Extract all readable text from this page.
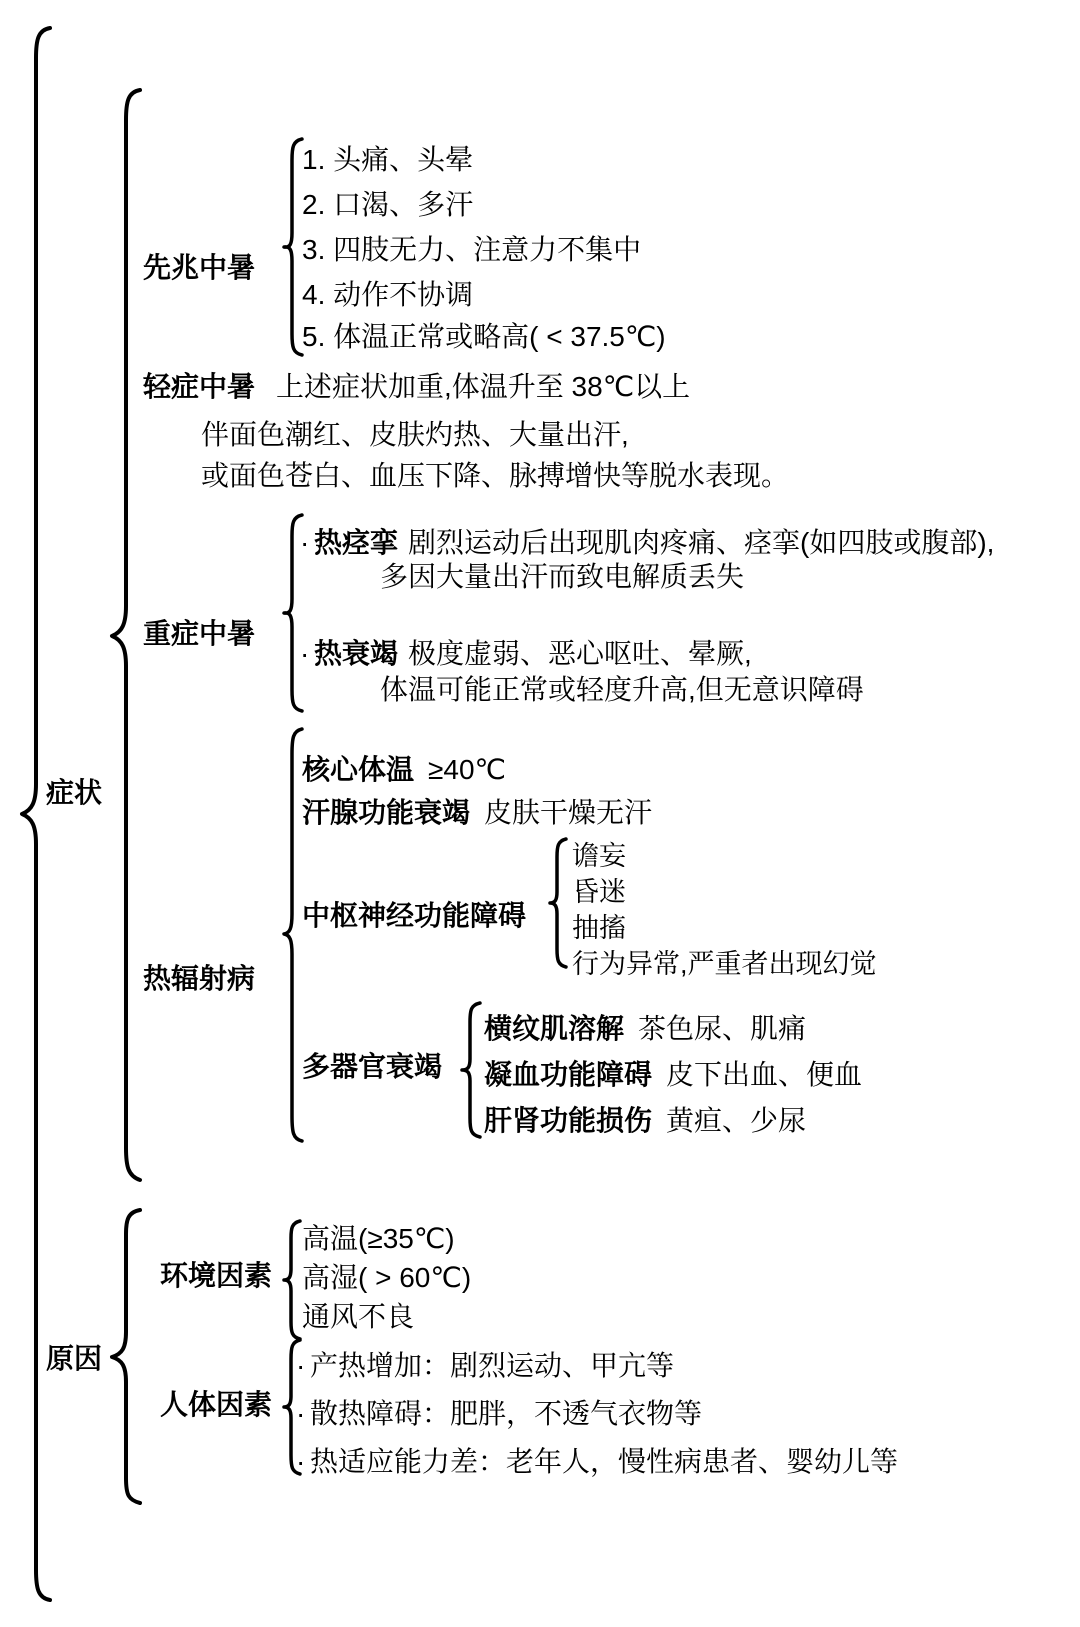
症状
原因
先兆中暑
1. 头痛、头晕
2. 口渴、多汗
3. 四肢无力、注意力不集中
4. 动作不协调
5. 体温正常或略高( < 37.5℃)
轻症中暑 上述症状加重,体温升至 38℃以上
伴面色潮红、皮肤灼热、大量出汗,
或面色苍白、血压下降、脉搏增快等脱水表现。
重症中暑
· 热痉挛 剧烈运动后出现肌肉疼痛、痉挛(如四肢或腹部),
多因大量出汗而致电解质丢失
· 热衰竭 极度虚弱、恶心呕吐、晕厥,
体温可能正常或轻度升高,但无意识障碍
热辐射病
核心体温 ≥40℃
汗腺功能衰竭 皮肤干燥无汗
中枢神经功能障碍
谵妄
昏迷
抽搐
行为异常,严重者出现幻觉
多器官衰竭
横纹肌溶解 茶色尿、肌痛
凝血功能障碍 皮下出血、便血
肝肾功能损伤 黄疸、少尿
环境因素
高温(≥35℃)
高湿( > 60℃)
通风不良
人体因素
· 产热增加：剧烈运动、甲亢等
· 散热障碍：肥胖，不透气衣物等
· 热适应能力差：老年人，慢性病患者、婴幼儿等
